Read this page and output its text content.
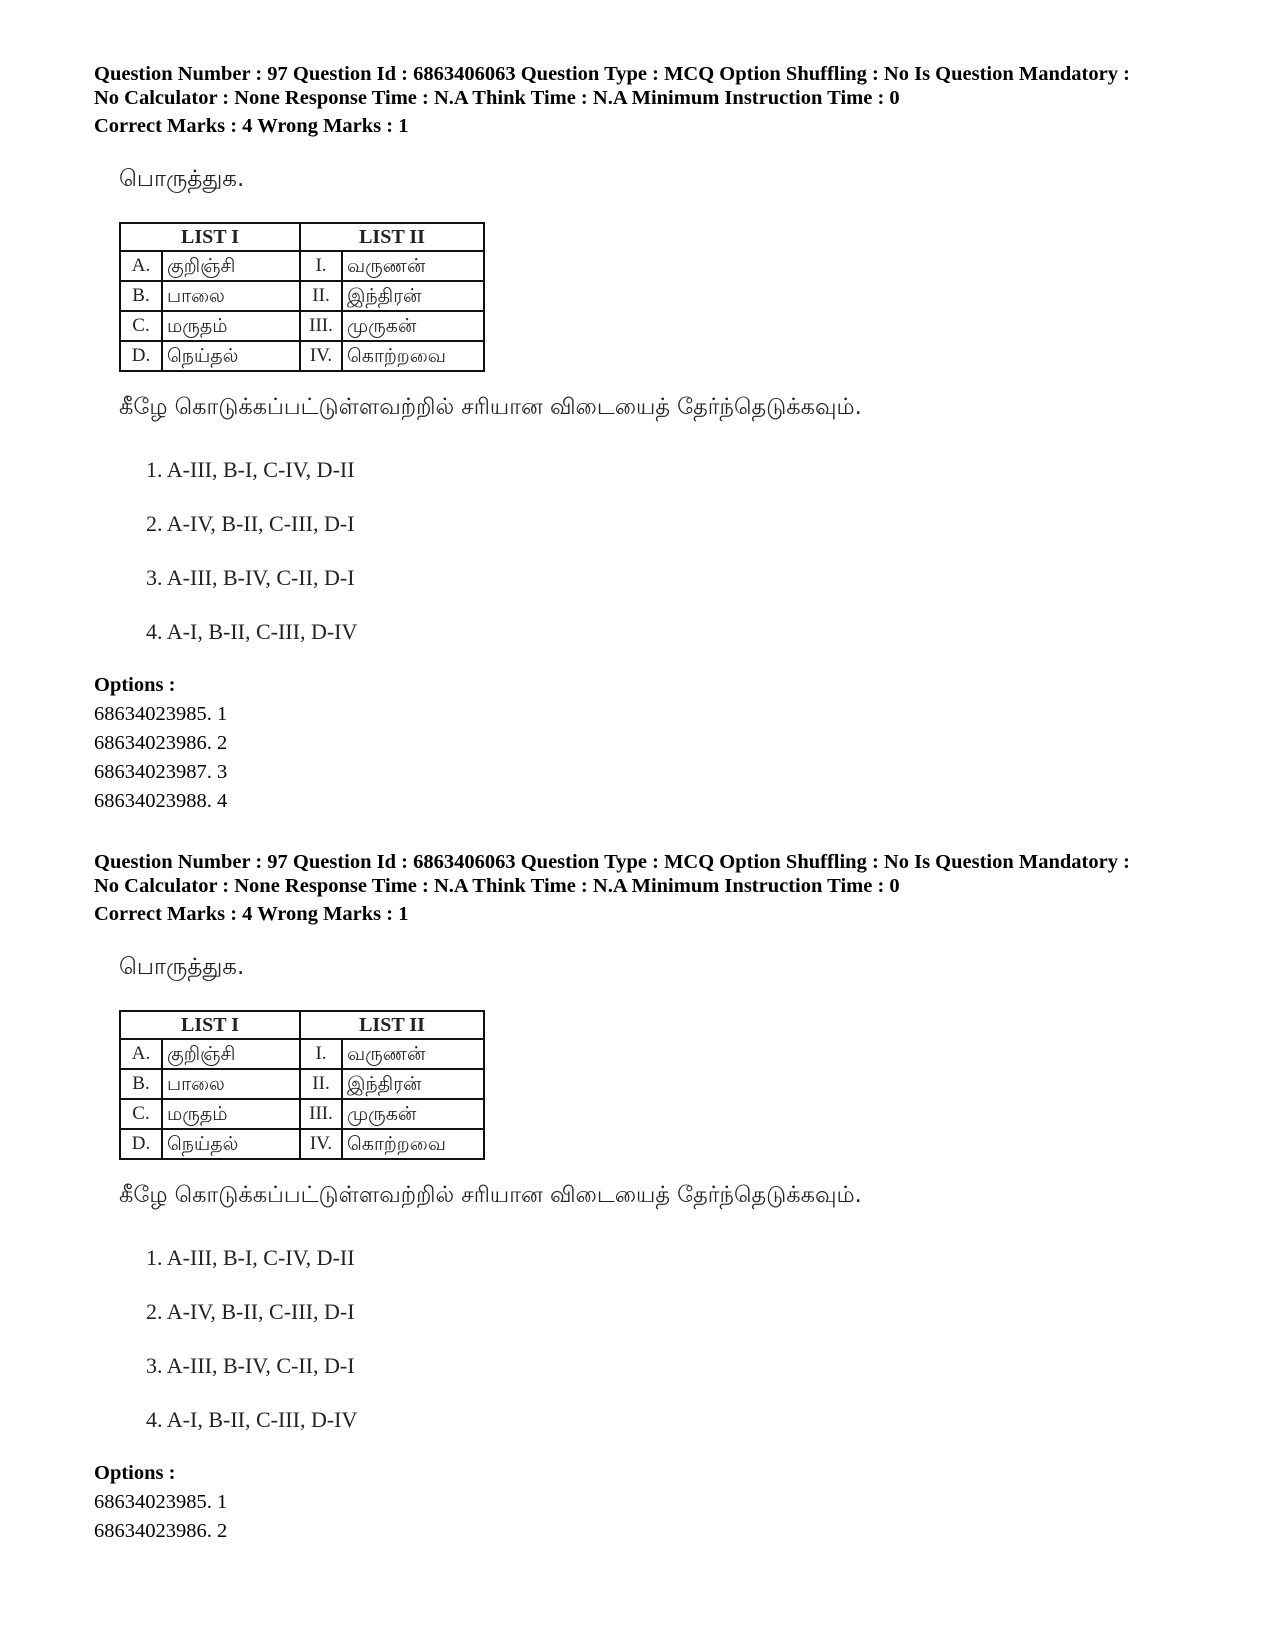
Question Number : 97 Question Id : 6863406063 Question Type : MCQ Option Shuffling : No Is Question Mandatory :
No Calculator : None Response Time : N.A Think Time : N.A Minimum Instruction Time : 0
Correct Marks : 4 Wrong Marks : 1
பொருத்துக.
LIST I		LIST II	
A.	குறிஞ்சி	I.	வருணன்
B.	பாலை	II.	இந்திரன்
C.	மருதம்	III.	முருகன்
D.	நெய்தல்	IV.	கொற்றவை
கீழே கொடுக்கப்பட்டுள்ளவற்றில் சரியான விடையைத் தேர்ந்தெடுக்கவும்.
1. A-III, B-I, C-IV, D-II
2. A-IV, B-II, C-III, D-I
3. A-III, B-IV, C-II, D-I
4. A-I, B-II, C-III, D-IV
Options :
68634023985. 1
68634023986. 2
68634023987. 3
68634023988. 4
Question Number : 97 Question Id : 6863406063 Question Type : MCQ Option Shuffling : No Is Question Mandatory :
No Calculator : None Response Time : N.A Think Time : N.A Minimum Instruction Time : 0
Correct Marks : 4 Wrong Marks : 1
பொருத்துக.
LIST I		LIST II	
A.	குறிஞ்சி	I.	வருணன்
B.	பாலை	II.	இந்திரன்
C.	மருதம்	III.	முருகன்
D.	நெய்தல்	IV.	கொற்றவை
கீழே கொடுக்கப்பட்டுள்ளவற்றில் சரியான விடையைத் தேர்ந்தெடுக்கவும்.
1. A-III, B-I, C-IV, D-II
2. A-IV, B-II, C-III, D-I
3. A-III, B-IV, C-II, D-I
4. A-I, B-II, C-III, D-IV
Options :
68634023985. 1
68634023986. 2
